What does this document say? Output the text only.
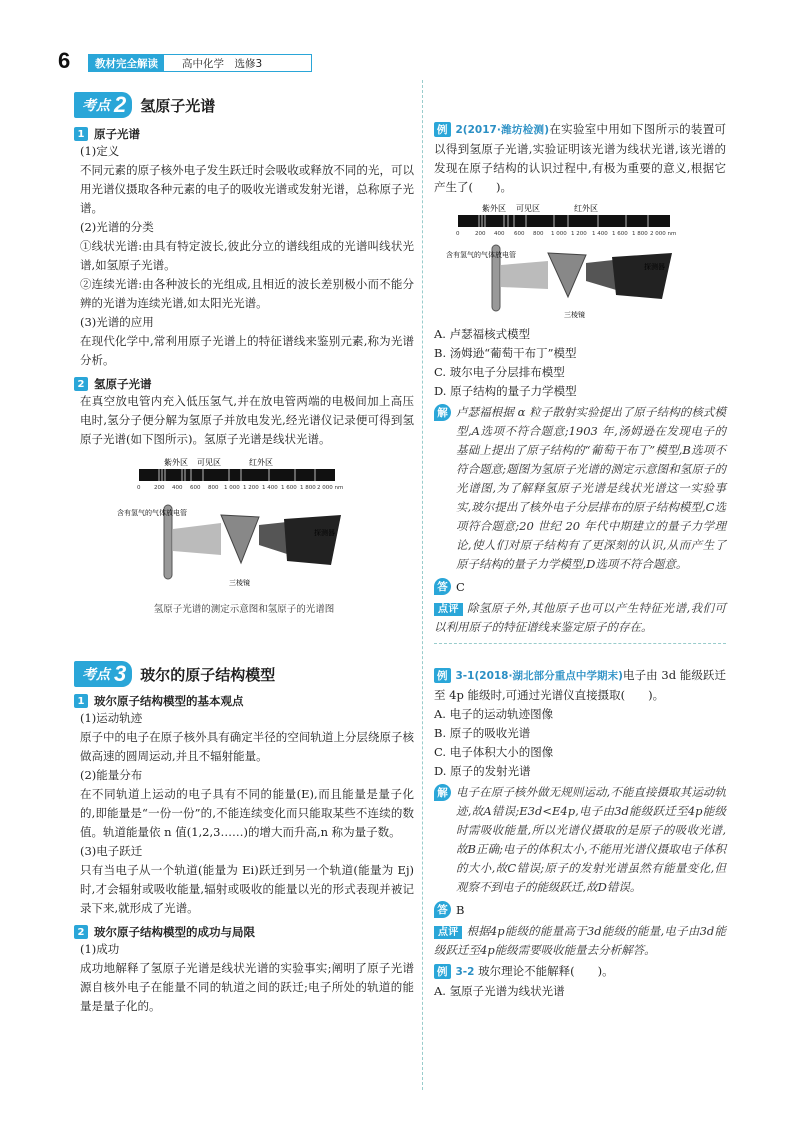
6	教材完全解读	高中化学　选修3
考点 2 氢原子光谱
1 原子光谱
(1)定义
不同元素的原子核外电子发生跃迁时会吸收或释放不同的光，可以用光谱仪摄取各种元素的电子的吸收光谱或发射光谱，总称原子光谱。
(2)光谱的分类
①线状光谱:由具有特定波长,彼此分立的谱线组成的光谱叫线状光谱,如氢原子光谱。
②连续光谱:由各种波长的光组成,且相近的波长差别极小而不能分辨的光谱为连续光谱,如太阳光光谱。
(3)光谱的应用
在现代化学中,常利用原子光谱上的特征谱线来鉴别元素,称为光谱分析。
2 氢原子光谱
在真空放电管内充入低压氢气,并在放电管两端的电极间加上高压电时,氢分子便分解为氢原子并放电发光,经光谱仪记录便可得到氢原子光谱(如下图所示)。氢原子光谱是线状光谱。
紫外区 可见区	红外区
0 200 400 600 800 1 000 1 200 1 400 1 600 1 800 2 000 nm
含有氢气的气体放电管
探测器
三棱镜
氢原子光谱的测定示意图和氢原子的光谱图
考点 3 玻尔的原子结构模型
1 玻尔原子结构模型的基本观点
(1)运动轨迹
原子中的电子在原子核外具有确定半径的空间轨道上分层绕原子核做高速的圆周运动,并且不辐射能量。
(2)能量分布
在不同轨道上运动的电子具有不同的能量(E),而且能量是量子化的,即能量是“一份一份”的,不能连续变化而只能取某些不连续的数值。轨道能量依 n 值(1,2,3……)的增大而升高,n 称为量子数。
(3)电子跃迁
只有当电子从一个轨道(能量为 Ei)跃迁到另一个轨道(能量为 Ej)时,才会辐射或吸收能量,辐射或吸收的能量以光的形式表现并被记录下来,就形成了光谱。
2 玻尔原子结构模型的成功与局限
(1)成功
成功地解释了氢原子光谱是线状光谱的实验事实;阐明了原子光谱源自核外电子在能量不同的轨道之间的跃迁;电子所处的轨道的能量是量子化的。
例 2(2017·潍坊检测)在实验室中用如下图所示的装置可以得到氢原子光谱,实验证明该光谱为线状光谱,该光谱的发现在原子结构的认识过程中,有极为重要的意义,根据它产生了(　　)。
紫外区 可见区	红外区
0	200 400 600 800 1 000 1 200 1 400 1 600 1 800 2 000 nm
含有氢气的气体放电管
探测器
三棱镜
A. 卢瑟福核式模型
B. 汤姆逊“葡萄干布丁”模型
C. 玻尔电子分层排布模型
D. 原子结构的量子力学模型
解 卢瑟福根据 α 粒子散射实验提出了原子结构的核式模型,A选项不符合题意;1903 年,汤姆逊在发现电子的基础上提出了原子结构的“葡萄干布丁”模型,B选项不符合题意;题图为氢原子光谱的测定示意图和氢原子的光谱图,为了解释氢原子光谱是线状光谱这一实验事实,玻尔提出了核外电子分层排布的原子结构模型,C选项符合题意;20 世纪 20 年代中期建立的量子力学理论,使人们对原子结构有了更深刻的认识,从而产生了原子结构的量子力学模型,D选项不符合题意。
答 C
点评 除氢原子外,其他原子也可以产生特征光谱,我们可以利用原子的特征谱线来鉴定原子的存在。
例 3-1(2018·湖北部分重点中学期末)电子由 3d 能级跃迁至 4p 能级时,可通过光谱仪直接摄取(　　)。
A. 电子的运动轨迹图像
B. 原子的吸收光谱
C. 电子体积大小的图像
D. 原子的发射光谱
解 电子在原子核外做无规则运动,不能直接摄取其运动轨迹,故A错误;E3d<E4p,电子由3d能级跃迁至4p能级时需吸收能量,所以光谱仪摄取的是原子的吸收光谱,故B正确;电子的体积太小,不能用光谱仪摄取电子体积的大小,故C错误;原子的发射光谱虽然有能量变化,但观察不到电子的能级跃迁,故D错误。
答 B
点评 根据4p能级的能量高于3d能级的能量,电子由3d能级跃迁至4p能级需要吸收能量去分析解答。
例 3-2 玻尔理论不能解释(　　)。
A. 氢原子光谱为线状光谱
